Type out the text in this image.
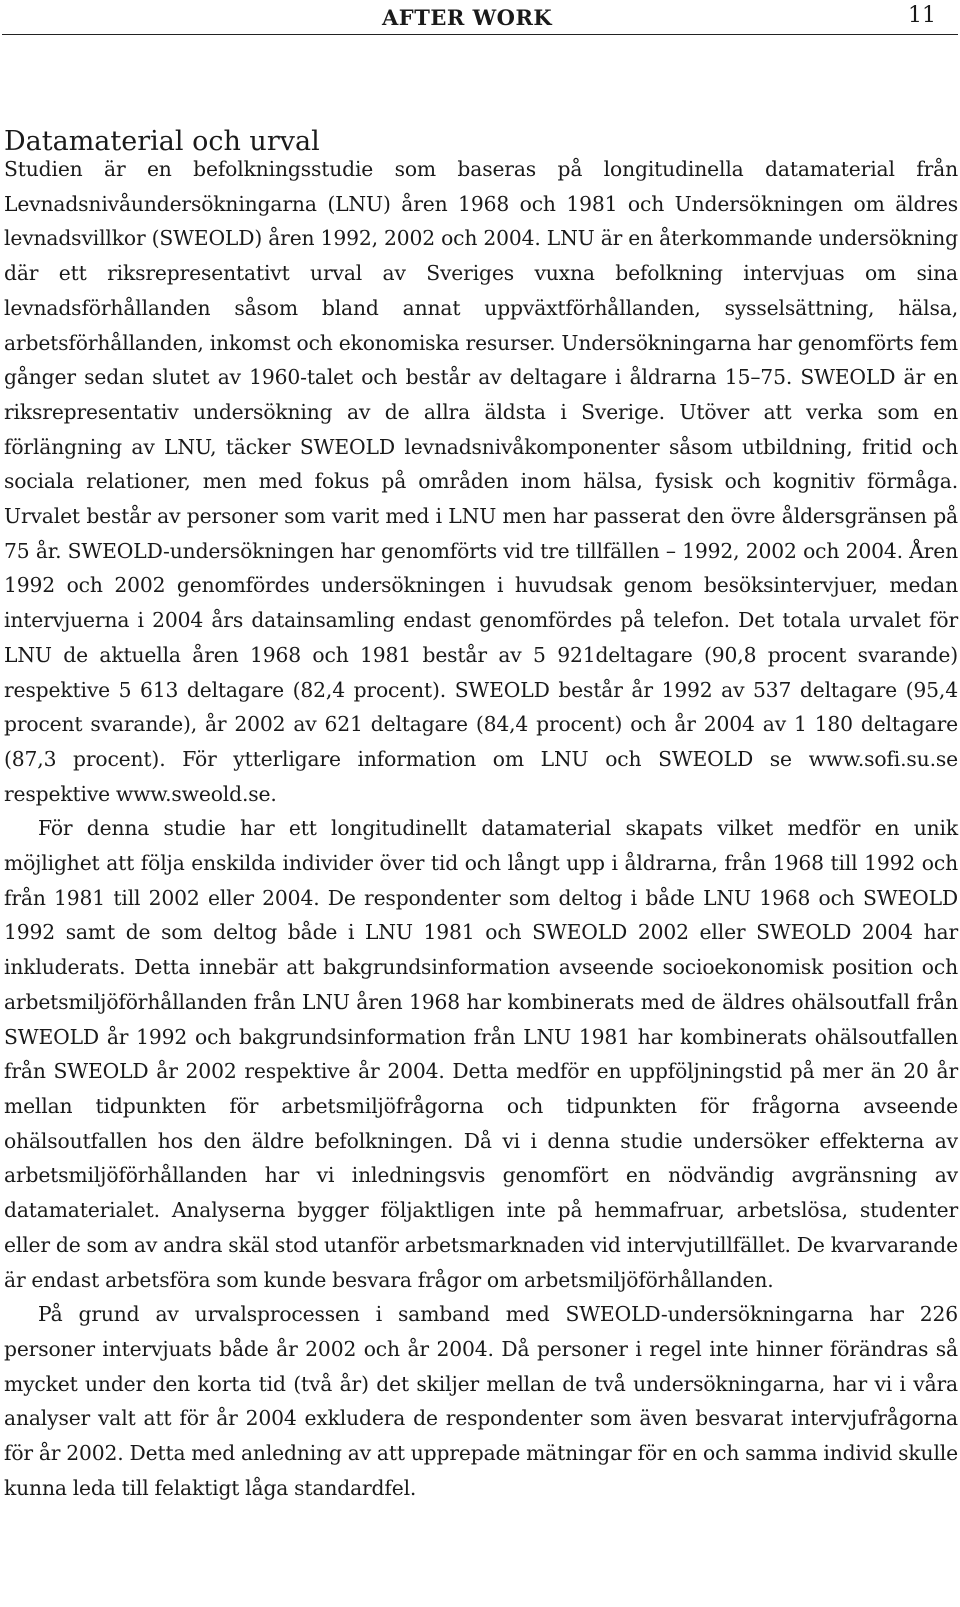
AFTER WORK	11
Datamaterial och urval

Studien är en befolkningsstudie som baseras på longitudinella datamaterial från Levnadsnivåundersökningarna (LNU) åren 1968 och 1981 och Undersökningen om äldres levnadsvillkor (SWEOLD) åren 1992, 2002 och 2004. LNU är en återkommande undersökning där ett riksrepresentativt urval av Sveriges vuxna befolkning intervjuas om sina levnadsförhållanden såsom bland annat uppväxtförhållanden, sysselsättning, hälsa, arbetsförhållanden, inkomst och ekonomiska resurser. Undersökningarna har genomförts fem gånger sedan slutet av 1960-talet och består av deltagare i åldrarna 15–75. SWEOLD är en riksrepresentativ undersökning av de allra äldsta i Sverige. Utöver att verka som en förlängning av LNU, täcker SWEOLD levnadsnivåkomponenter såsom utbildning, fritid och sociala relationer, men med fokus på områden inom hälsa, fysisk och kognitiv förmåga. Urvalet består av personer som varit med i LNU men har passerat den övre åldersgränsen på 75 år. SWEOLD-undersökningen har genomförts vid tre tillfällen – 1992, 2002 och 2004. Åren 1992 och 2002 genomfördes undersökningen i huvudsak genom besöksintervjuer, medan intervjuerna i 2004 års datainsamling endast genomfördes på telefon. Det totala urvalet för LNU de aktuella åren 1968 och 1981 består av 5 921deltagare (90,8 procent svarande) respektive 5 613 deltagare (82,4 procent). SWEOLD består år 1992 av 537 deltagare (95,4 procent svarande), år 2002 av 621 deltagare (84,4 procent) och år 2004 av 1 180 deltagare (87,3 procent). För ytterligare information om LNU och SWEOLD se www.sofi.su.se respektive www.sweold.se.

För denna studie har ett longitudinellt datamaterial skapats vilket medför en unik möjlighet att följa enskilda individer över tid och långt upp i åldrarna, från 1968 till 1992 och från 1981 till 2002 eller 2004. De respondenter som deltog i både LNU 1968 och SWEOLD 1992 samt de som deltog både i LNU 1981 och SWEOLD 2002 eller SWEOLD 2004 har inkluderats. Detta innebär att bakgrundsinformation avseende socioekonomisk position och arbetsmiljöförhållanden från LNU åren 1968 har kombinerats med de äldres ohälsoutfall från SWEOLD år 1992 och bakgrundsinformation från LNU 1981 har kombinerats ohälsoutfallen från SWEOLD år 2002 respektive år 2004. Detta medför en uppföljningstid på mer än 20 år mellan tidpunkten för arbetsmiljöfrågorna och tidpunkten för frågorna avseende ohälsoutfallen hos den äldre befolkningen. Då vi i denna studie undersöker effekterna av arbetsmiljöförhållanden har vi inledningsvis genomfört en nödvändig avgränsning av datamaterialet. Analyserna bygger följaktligen inte på hemmafruar, arbetslösa, studenter eller de som av andra skäl stod utanför arbetsmarknaden vid intervjutillfället. De kvarvarande är endast arbetsföra som kunde besvara frågor om arbetsmiljöförhållanden.

På grund av urvalsprocessen i samband med SWEOLD-undersökningarna har 226 personer intervjuats både år 2002 och år 2004. Då personer i regel inte hinner förändras så mycket under den korta tid (två år) det skiljer mellan de två undersökningarna, har vi i våra analyser valt att för år 2004 exkludera de respondenter som även besvarat intervjufrågorna för år 2002. Detta med anledning av att upprepade mätningar för en och samma individ skulle kunna leda till felaktigt låga standardfel.
